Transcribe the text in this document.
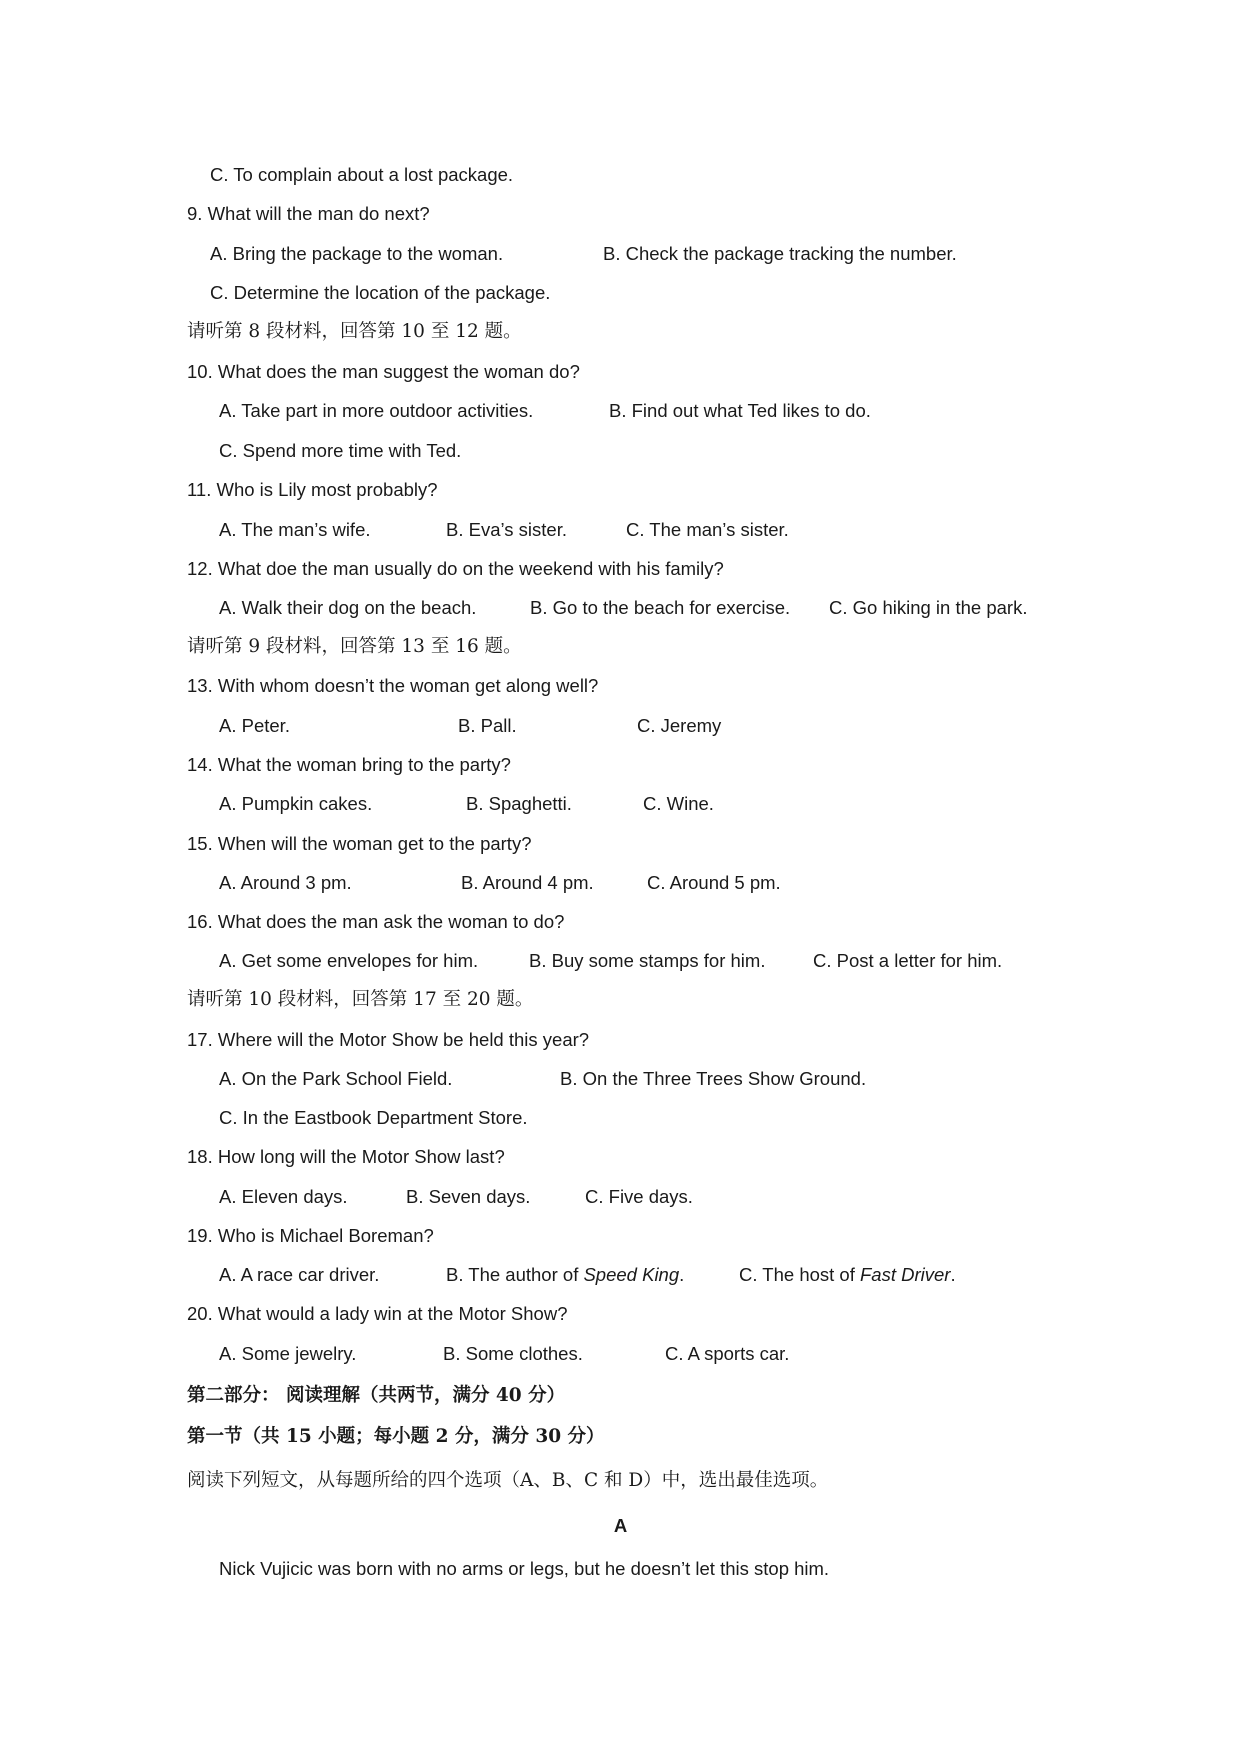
C. To complain about a lost package.
9. What will the man do next?
A. Bring the package to the woman.	B. Check the package tracking the number.
C. Determine the location of the package.
请听第 8 段材料，回答第 10 至 12 题。
10. What does the man suggest the woman do?
A. Take part in more outdoor activities.	B. Find out what Ted likes to do.
C. Spend more time with Ted.
11. Who is Lily most probably?
A. The man’s wife.	B. Eva’s sister.	C. The man’s sister.
12. What doe the man usually do on the weekend with his family?
A. Walk their dog on the beach.	B. Go to the beach for exercise. C. Go hiking in the park.
请听第 9 段材料，回答第 13 至 16 题。
13. With whom doesn’t the woman get along well?
A. Peter.	B. Pall.	C. Jeremy
14. What the woman bring to the party?
A. Pumpkin cakes.	B. Spaghetti.	C. Wine.
15. When will the woman get to the party?
A. Around 3 pm.	B. Around 4 pm.	C. Around 5 pm.
16. What does the man ask the woman to do?
A. Get some envelopes for him.	B. Buy some stamps for him.	C. Post a letter for him.
请听第 10 段材料，回答第 17 至 20 题。
17. Where will the Motor Show be held this year?
A. On the Park School Field.	B. On the Three Trees Show Ground.
C. In the Eastbook Department Store.
18. How long will the Motor Show last?
A. Eleven days.	B. Seven days.	C. Five days.
19. Who is Michael Boreman?
A. A race car driver.	B. The author of Speed King.	C. The host of Fast Driver.
20. What would a lady win at the Motor Show?
A. Some jewelry.	B. Some clothes.	C. A sports car.
第二部分： 阅读理解（共两节，满分 40 分）
第一节（共 15 小题；每小题 2 分，满分 30 分）
阅读下列短文，从每题所给的四个选项（A、B、C 和 D）中，选出最佳选项。
A
Nick Vujicic was born with no arms or legs, but he doesn’t let this stop him.
